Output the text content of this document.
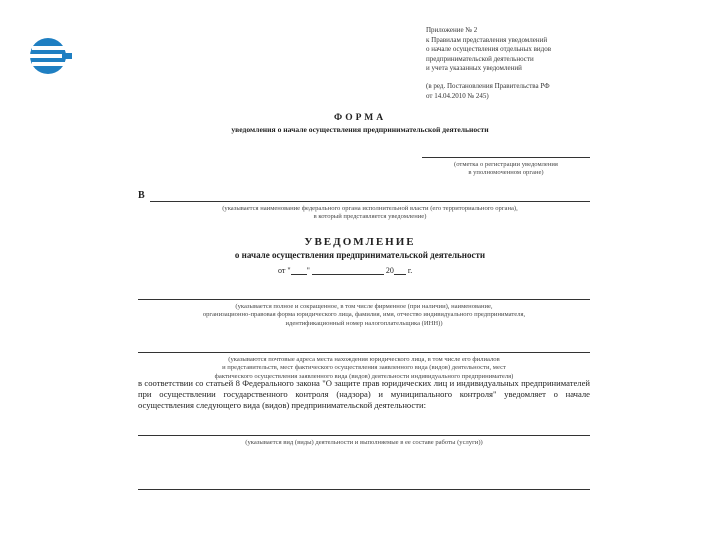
Приложение № 2
к Правилам представления уведомлений
о начале осуществления отдельных видов
предпринимательской деятельности
и учета указанных уведомлений
(в ред. Постановления Правительства РФ
от 14.04.2010 № 245)
ФОРМА
уведомления о начале осуществления предпринимательской деятельности
(отметка о регистрации уведомления
в уполномоченном органе)
В
(указывается наименование федерального органа исполнительной власти (его территориального органа),
в который представляется уведомление)
УВЕДОМЛЕНИЕ
о начале осуществления предпринимательской деятельности
от " "	20 г.
(указывается полное и сокращенное, в том числе фирменное (при наличии), наименование,
организационно-правовая форма юридического лица, фамилия, имя, отчество индивидуального предпринимателя,
идентификационный номер налогоплательщика (ИНН))
(указываются почтовые адреса места нахождения юридического лица, в том числе его филиалов
и представительств, мест фактического осуществления заявленного вида (видов) деятельности, мест
фактического осуществления заявленного вида (видов) деятельности индивидуального предпринимателя)
в соответствии со статьей 8 Федерального закона "О защите прав юридических лиц и индивидуальных предпринимателей при осуществлении государственного контроля (надзора) и муниципального контроля" уведомляет о начале осуществления следующего вида (видов) предпринимательской деятельности:
(указывается вид (виды) деятельности и выполняемые в ее составе работы (услуги))
